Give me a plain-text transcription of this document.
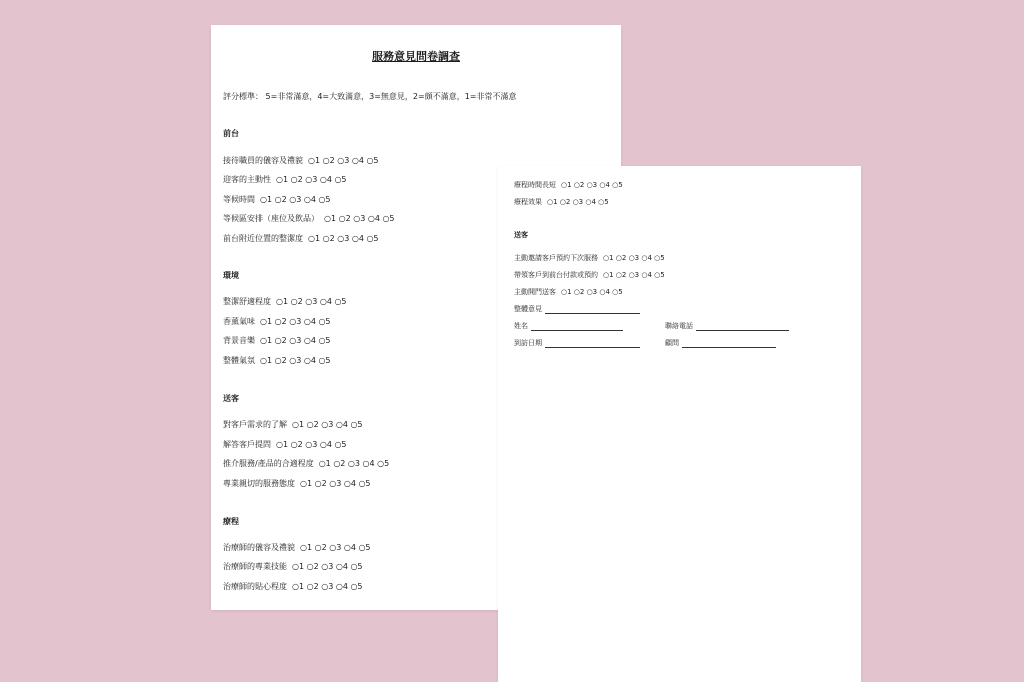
服務意見問卷調查
評分標準： 5=非常滿意，4=大致滿意，3=無意見，2=頗不滿意，1=非常不滿意
前台
接待職員的儀容及禮貌 ○1 ○2 ○3 ○4 ○5
迎客的主動性 ○1 ○2 ○3 ○4 ○5
等候時間 ○1 ○2 ○3 ○4 ○5
等候區安排（座位及飲品） ○1 ○2 ○3 ○4 ○5
前台附近位置的整潔度 ○1 ○2 ○3 ○4 ○5
環境
整潔舒適程度 ○1 ○2 ○3 ○4 ○5
香薰氣味 ○1 ○2 ○3 ○4 ○5
背景音樂 ○1 ○2 ○3 ○4 ○5
整體氣氛 ○1 ○2 ○3 ○4 ○5
送客
對客戶需求的了解 ○1 ○2 ○3 ○4 ○5
解答客戶提問 ○1 ○2 ○3 ○4 ○5
推介服務/產品的合適程度 ○1 ○2 ○3 ○4 ○5
專業親切的服務態度 ○1 ○2 ○3 ○4 ○5
療程
治療師的儀容及禮貌 ○1 ○2 ○3 ○4 ○5
治療師的專業技能 ○1 ○2 ○3 ○4 ○5
治療師的貼心程度 ○1 ○2 ○3 ○4 ○5
療程時間長短 ○1 ○2 ○3 ○4 ○5
療程效果 ○1 ○2 ○3 ○4 ○5
送客
主動邀請客戶預約下次服務 ○1 ○2 ○3 ○4 ○5
帶領客戶到前台付款或預約 ○1 ○2 ○3 ○4 ○5
主動開門送客 ○1 ○2 ○3 ○4 ○5
整體意見
姓名	聯絡電話
到訪日期	顧問
